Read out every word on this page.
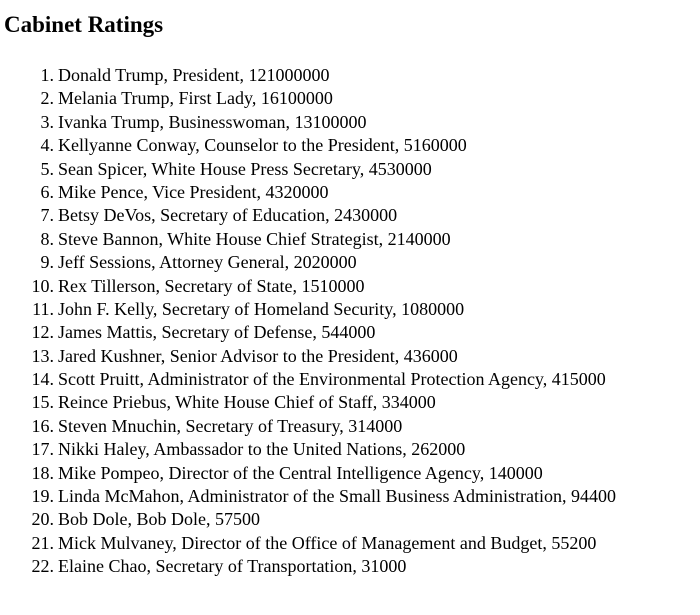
Cabinet Ratings
1. Donald Trump, President, 121000000
2. Melania Trump, First Lady, 16100000
3. Ivanka Trump, Businesswoman, 13100000
4. Kellyanne Conway, Counselor to the President, 5160000
5. Sean Spicer, White House Press Secretary, 4530000
6. Mike Pence, Vice President, 4320000
7. Betsy DeVos, Secretary of Education, 2430000
8. Steve Bannon, White House Chief Strategist, 2140000
9. Jeff Sessions, Attorney General, 2020000
10. Rex Tillerson, Secretary of State, 1510000
11. John F. Kelly, Secretary of Homeland Security, 1080000
12. James Mattis, Secretary of Defense, 544000
13. Jared Kushner, Senior Advisor to the President, 436000
14. Scott Pruitt, Administrator of the Environmental Protection Agency, 415000
15. Reince Priebus, White House Chief of Staff, 334000
16. Steven Mnuchin, Secretary of Treasury, 314000
17. Nikki Haley, Ambassador to the United Nations, 262000
18. Mike Pompeo, Director of the Central Intelligence Agency, 140000
19. Linda McMahon, Administrator of the Small Business Administration, 94400
20. Bob Dole, Bob Dole, 57500
21. Mick Mulvaney, Director of the Office of Management and Budget, 55200
22. Elaine Chao, Secretary of Transportation, 31000
